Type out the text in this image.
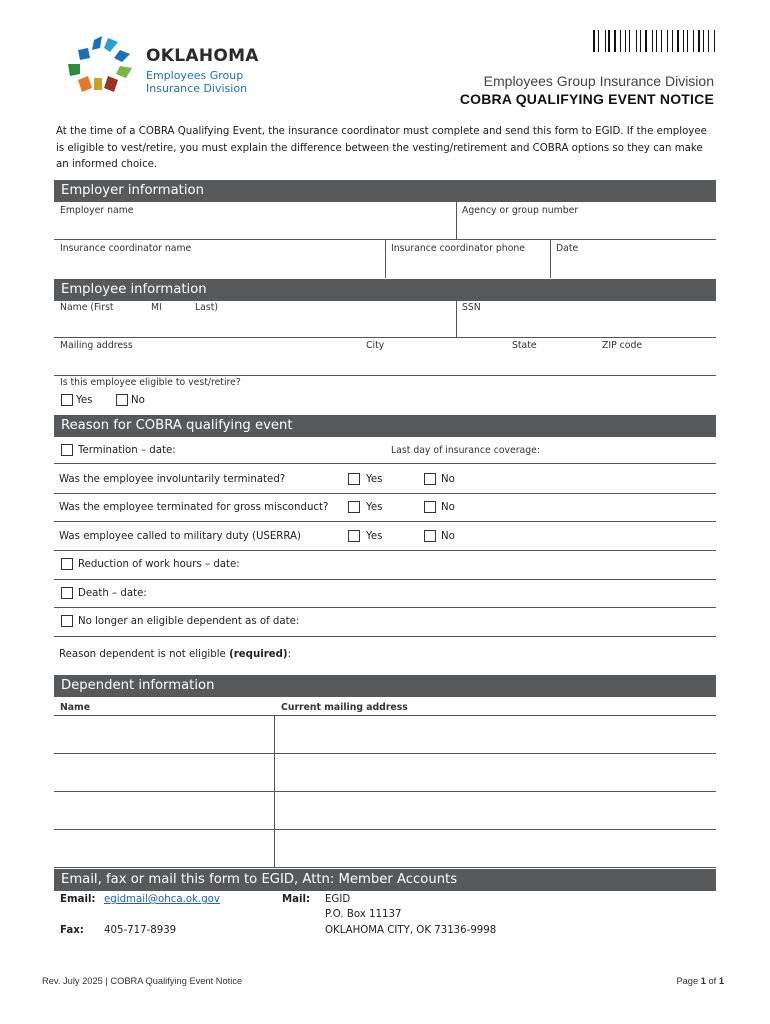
OKLAHOMA
Employees Group
Insurance Division	Employees Group Insurance Division
COBRA QUALIFYING EVENT NOTICE
At the time of a COBRA Qualifying Event, the insurance coordinator must complete and send this form to EGID. If the employee is eligible to vest/retire, you must explain the difference between the vesting/retirement and COBRA options so they can make an informed choice.
Employer information
Employer name	Agency or group number
Insurance coordinator name	Insurance coordinator phone	Date
Employee information
Name (First	MI	Last)	SSN
Mailing address	City	State	ZIP code
Is this employee eligible to vest/retire?
Yes	No
Reason for COBRA qualifying event
Termination – date:	Last day of insurance coverage:
Was the employee involuntarily terminated?	Yes	No
Was the employee terminated for gross misconduct?	Yes	No
Was employee called to military duty (USERRA)	Yes	No
Reduction of work hours – date:
Death – date:
No longer an eligible dependent as of date:
Reason dependent is not eligible (required):
Dependent information
Name	Current mailing address
Email, fax or mail this form to EGID, Attn: Member Accounts
Email: egidmail@ohca.ok.gov
Fax: 405-717-8939
Mail: EGID
P.O. Box 11137
OKLAHOMA CITY, OK 73136-9998
Rev. July 2025 | COBRA Qualifying Event Notice	Page 1 of 1
